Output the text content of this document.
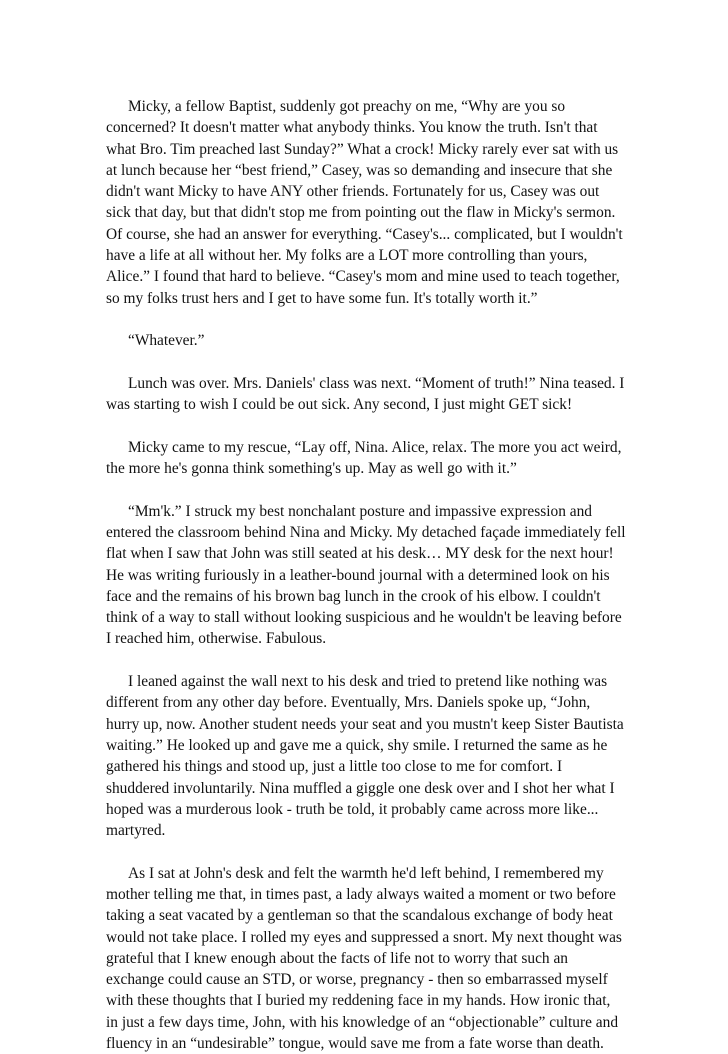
Micky, a fellow Baptist, suddenly got preachy on me, “Why are you so concerned? It doesn't matter what anybody thinks. You know the truth. Isn't that what Bro. Tim preached last Sunday?” What a crock! Micky rarely ever sat with us at lunch because her “best friend,” Casey, was so demanding and insecure that she didn't want Micky to have ANY other friends. Fortunately for us, Casey was out sick that day, but that didn't stop me from pointing out the flaw in Micky's sermon. Of course, she had an answer for everything. “Casey's... complicated, but I wouldn't have a life at all without her. My folks are a LOT more controlling than yours, Alice.” I found that hard to believe. “Casey's mom and mine used to teach together, so my folks trust hers and I get to have some fun. It's totally worth it.”

“Whatever.”

Lunch was over. Mrs. Daniels' class was next. “Moment of truth!” Nina teased. I was starting to wish I could be out sick. Any second, I just might GET sick!

Micky came to my rescue, “Lay off, Nina. Alice, relax. The more you act weird, the more he's gonna think something's up. May as well go with it.”

“Mm'k.” I struck my best nonchalant posture and impassive expression and entered the classroom behind Nina and Micky. My detached façade immediately fell flat when I saw that John was still seated at his desk… MY desk for the next hour! He was writing furiously in a leather-bound journal with a determined look on his face and the remains of his brown bag lunch in the crook of his elbow. I couldn't think of a way to stall without looking suspicious and he wouldn't be leaving before I reached him, otherwise. Fabulous.

I leaned against the wall next to his desk and tried to pretend like nothing was different from any other day before. Eventually, Mrs. Daniels spoke up, “John, hurry up, now. Another student needs your seat and you mustn't keep Sister Bautista waiting.” He looked up and gave me a quick, shy smile. I returned the same as he gathered his things and stood up, just a little too close to me for comfort. I shuddered involuntarily. Nina muffled a giggle one desk over and I shot her what I hoped was a murderous look - truth be told, it probably came across more like... martyred.

As I sat at John's desk and felt the warmth he'd left behind, I remembered my mother telling me that, in times past, a lady always waited a moment or two before taking a seat vacated by a gentleman so that the scandalous exchange of body heat would not take place. I rolled my eyes and suppressed a snort. My next thought was grateful that I knew enough about the facts of life not to worry that such an exchange could cause an STD, or worse, pregnancy - then so embarrassed myself with these thoughts that I buried my reddening face in my hands. How ironic that, in just a few days time, John, with his knowledge of an “objectionable” culture and fluency in an “undesirable” tongue, would save me from a fate worse than death.
